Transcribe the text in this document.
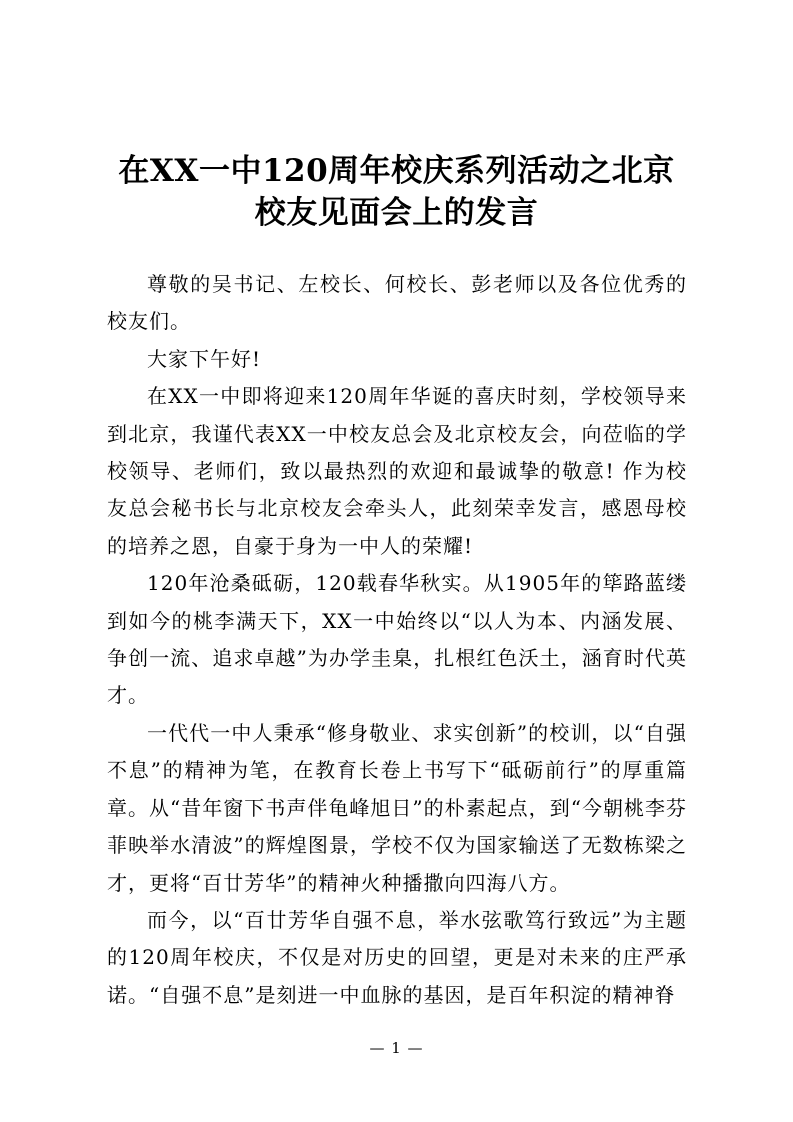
在XX一中120周年校庆系列活动之北京
校友见面会上的发言

尊敬的吴书记、左校长、何校长、彭老师以及各位优秀的校友们。

大家下午好!

在XX一中即将迎来120周年华诞的喜庆时刻，学校领导来到北京，我谨代表XX一中校友总会及北京校友会，向莅临的学校领导、老师们，致以最热烈的欢迎和最诚挚的敬意! 作为校友总会秘书长与北京校友会牵头人，此刻荣幸发言，感恩母校的培养之恩，自豪于身为一中人的荣耀!

120年沧桑砥砺，120载春华秋实。从1905年的筚路蓝缕到如今的桃李满天下，XX一中始终以“以人为本、内涵发展、争创一流、追求卓越”为办学圭臬，扎根红色沃土，涵育时代英才。

一代代一中人秉承“修身敬业、求实创新”的校训，以“自强不息”的精神为笔，在教育长卷上书写下“砥砺前行”的厚重篇章。从“昔年窗下书声伴龟峰旭日”的朴素起点，到“今朝桃李芬菲映举水清波”的辉煌图景，学校不仅为国家输送了无数栋梁之才，更将“百廿芳华”的精神火种播撒向四海八方。

而今，以“百廿芳华自强不息，举水弦歌笃行致远”为主题的120周年校庆，不仅是对历史的回望，更是对未来的庄严承诺。“自强不息”是刻进一中血脉的基因，是百年积淀的精神脊

— 1 —
